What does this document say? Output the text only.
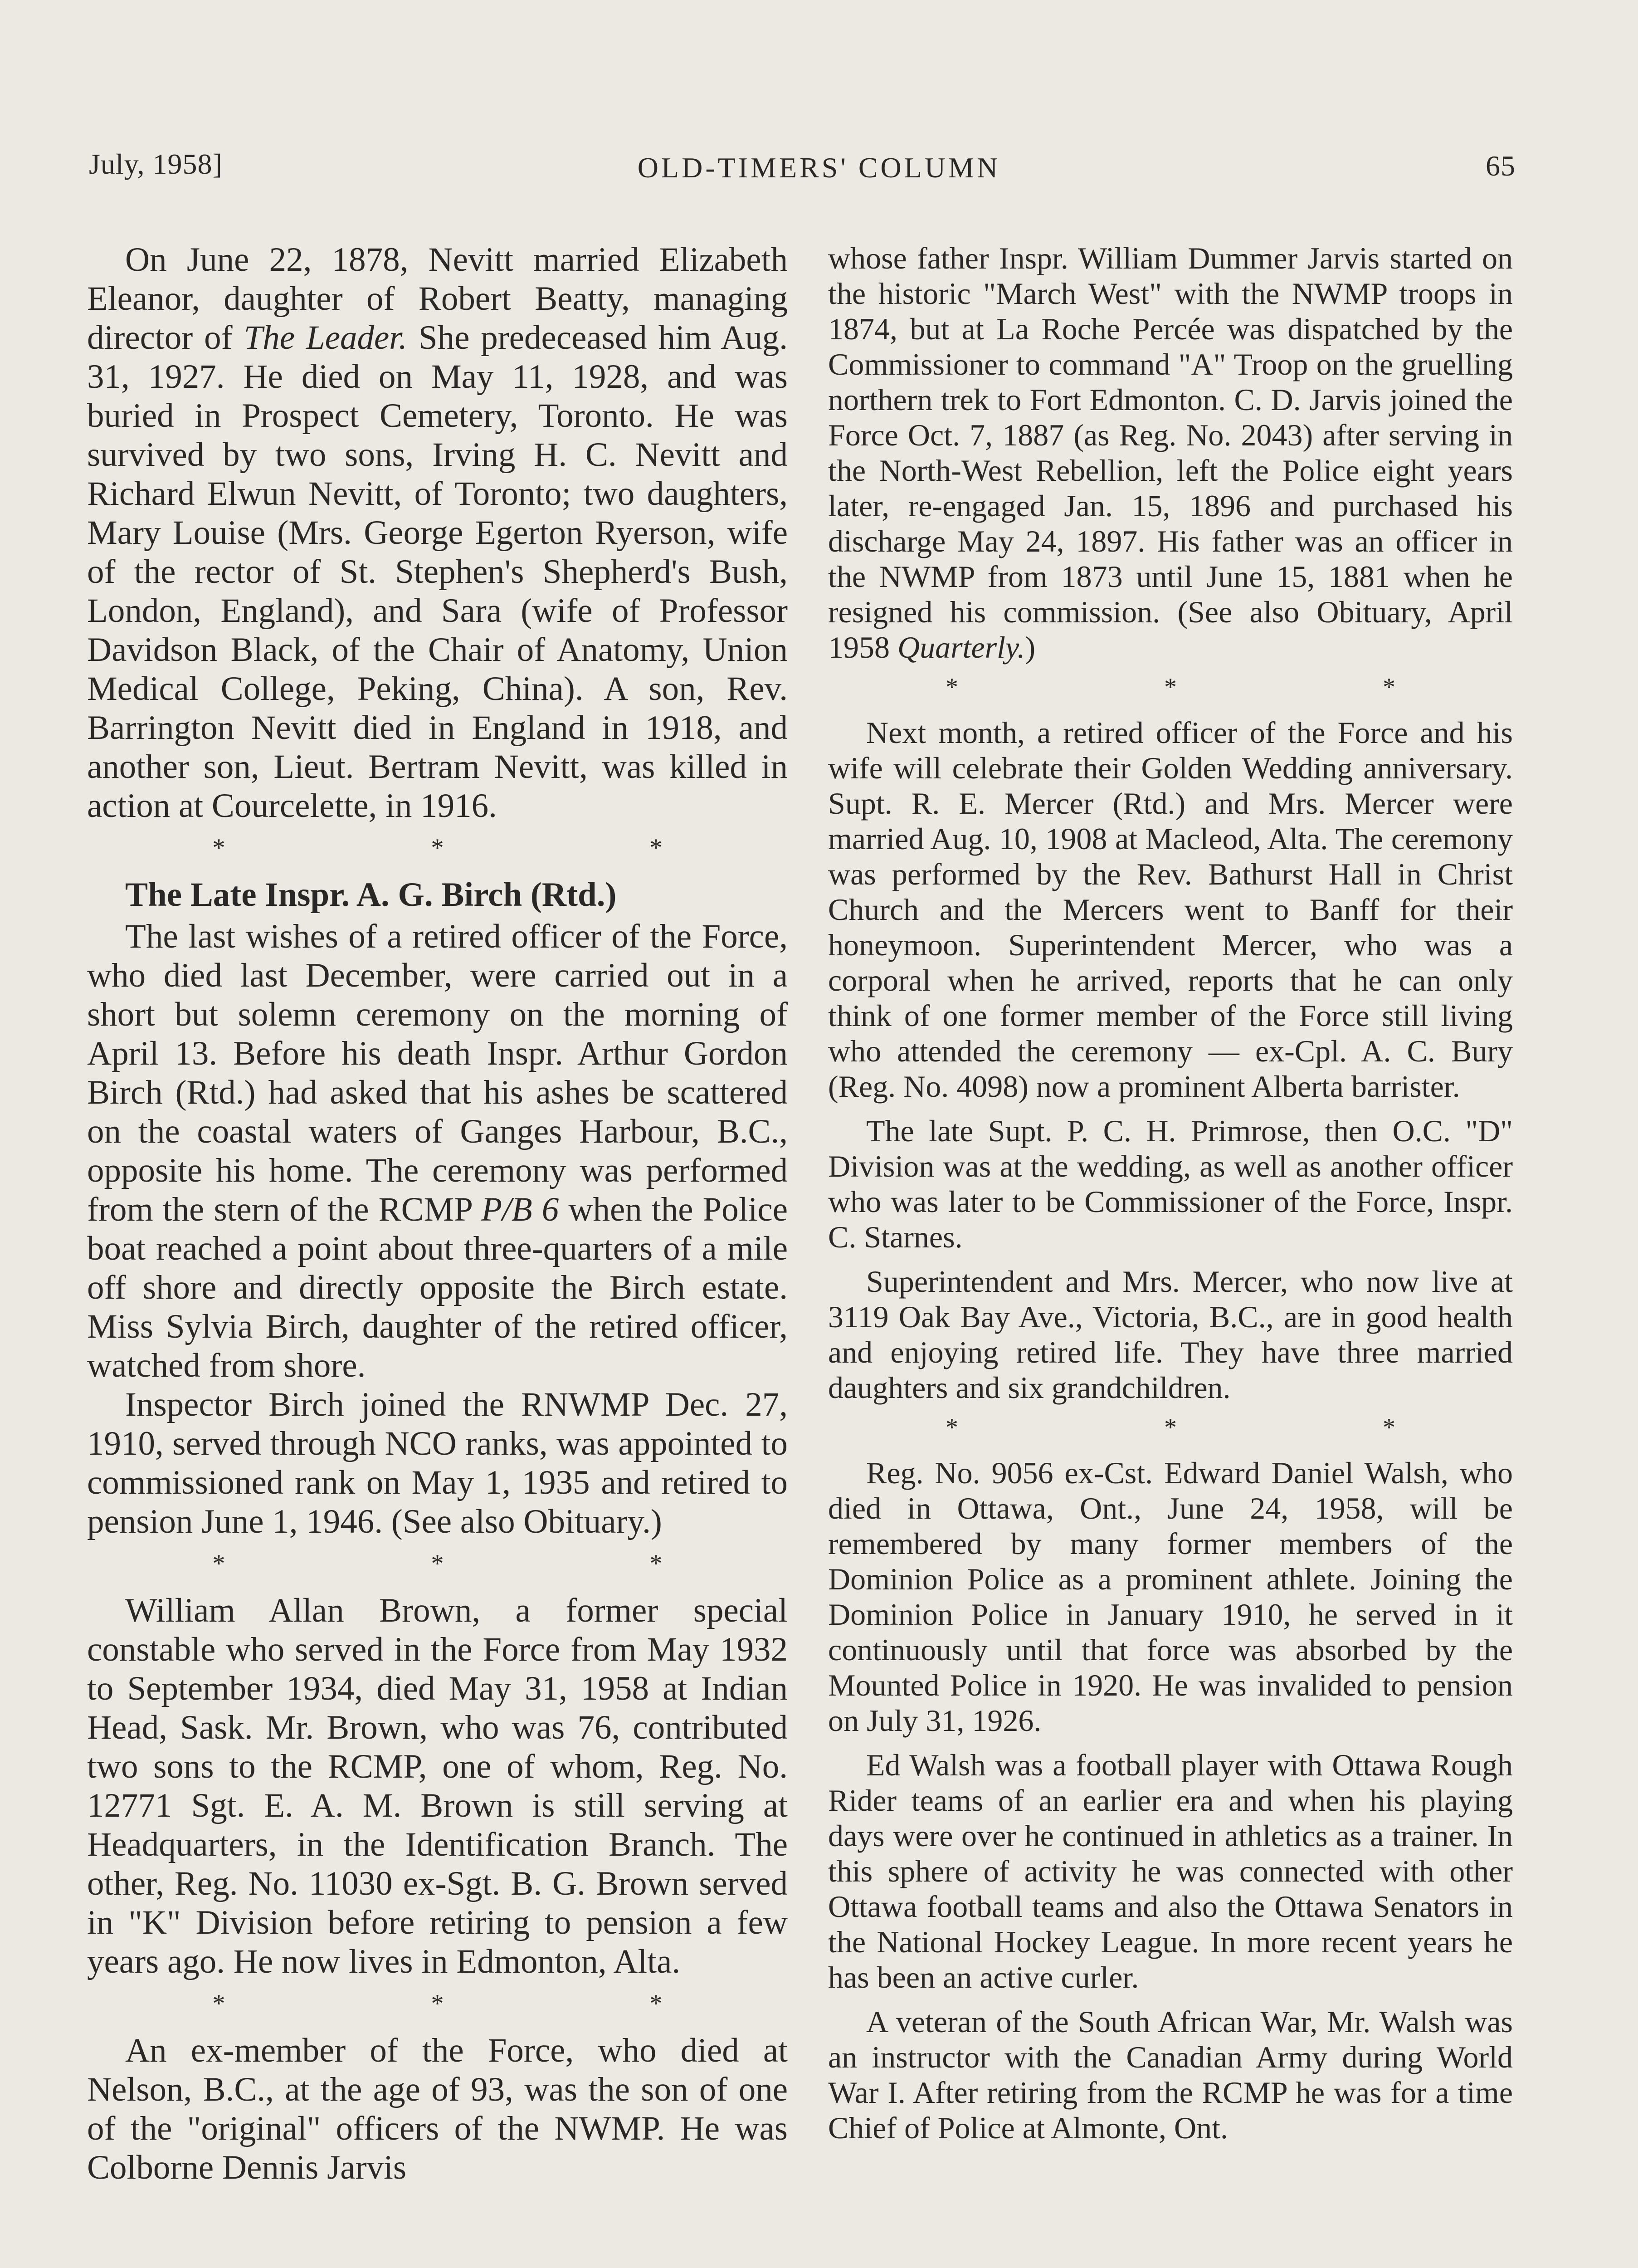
July, 1958]	OLD-TIMERS' COLUMN	65

On June 22, 1878, Nevitt married Elizabeth Eleanor, daughter of Robert Beatty, managing director of The Leader. She predeceased him Aug. 31, 1927. He died on May 11, 1928, and was buried in Prospect Cemetery, Toronto. He was survived by two sons, Irving H. C. Nevitt and Richard Elwun Nevitt, of Toronto; two daughters, Mary Louise (Mrs. George Egerton Ryerson, wife of the rector of St. Stephen's Shepherd's Bush, London, England), and Sara (wife of Professor Davidson Black, of the Chair of Anatomy, Union Medical College, Peking, China). A son, Rev. Barrington Nevitt died in England in 1918, and another son, Lieut. Bertram Nevitt, was killed in action at Courcelette, in 1916.

* * *
The Late Inspr. A. G. Birch (Rtd.)

The last wishes of a retired officer of the Force, who died last December, were carried out in a short but solemn ceremony on the morning of April 13. Before his death Inspr. Arthur Gordon Birch (Rtd.) had asked that his ashes be scattered on the coastal waters of Ganges Harbour, B.C., opposite his home. The ceremony was performed from the stern of the RCMP P/B 6 when the Police boat reached a point about three-quarters of a mile off shore and directly opposite the Birch estate. Miss Sylvia Birch, daughter of the retired officer, watched from shore.

Inspector Birch joined the RNWMP Dec. 27, 1910, served through NCO ranks, was appointed to commissioned rank on May 1, 1935 and retired to pension June 1, 1946. (See also Obituary.)

* * *

William Allan Brown, a former special constable who served in the Force from May 1932 to September 1934, died May 31, 1958 at Indian Head, Sask. Mr. Brown, who was 76, contributed two sons to the RCMP, one of whom, Reg. No. 12771 Sgt. E. A. M. Brown is still serving at Headquarters, in the Identification Branch. The other, Reg. No. 11030 ex-Sgt. B. G. Brown served in "K" Division before retiring to pension a few years ago. He now lives in Edmonton, Alta.

* * *

An ex-member of the Force, who died at Nelson, B.C., at the age of 93, was the son of one of the "original" officers of the NWMP. He was Colborne Dennis Jarvis

whose father Inspr. William Dummer Jarvis started on the historic "March West" with the NWMP troops in 1874, but at La Roche Percée was dispatched by the Commissioner to command "A" Troop on the gruelling northern trek to Fort Edmonton. C. D. Jarvis joined the Force Oct. 7, 1887 (as Reg. No. 2043) after serving in the North-West Rebellion, left the Police eight years later, re-engaged Jan. 15, 1896 and purchased his discharge May 24, 1897. His father was an officer in the NWMP from 1873 until June 15, 1881 when he resigned his commission. (See also Obituary, April 1958 Quarterly.)

* * *

Next month, a retired officer of the Force and his wife will celebrate their Golden Wedding anniversary. Supt. R. E. Mercer (Rtd.) and Mrs. Mercer were married Aug. 10, 1908 at Macleod, Alta. The ceremony was performed by the Rev. Bathurst Hall in Christ Church and the Mercers went to Banff for their honeymoon. Superintendent Mercer, who was a corporal when he arrived, reports that he can only think of one former member of the Force still living who attended the ceremony — ex-Cpl. A. C. Bury (Reg. No. 4098) now a prominent Alberta barrister.

The late Supt. P. C. H. Primrose, then O.C. "D" Division was at the wedding, as well as another officer who was later to be Commissioner of the Force, Inspr. C. Starnes.

Superintendent and Mrs. Mercer, who now live at 3119 Oak Bay Ave., Victoria, B.C., are in good health and enjoying retired life. They have three married daughters and six grandchildren.

* * *

Reg. No. 9056 ex-Cst. Edward Daniel Walsh, who died in Ottawa, Ont., June 24, 1958, will be remembered by many former members of the Dominion Police as a prominent athlete. Joining the Dominion Police in January 1910, he served in it continuously until that force was absorbed by the Mounted Police in 1920. He was invalided to pension on July 31, 1926.

Ed Walsh was a football player with Ottawa Rough Rider teams of an earlier era and when his playing days were over he continued in athletics as a trainer. In this sphere of activity he was connected with other Ottawa football teams and also the Ottawa Senators in the National Hockey League. In more recent years he has been an active curler.

A veteran of the South African War, Mr. Walsh was an instructor with the Canadian Army during World War I. After retiring from the RCMP he was for a time Chief of Police at Almonte, Ont.
